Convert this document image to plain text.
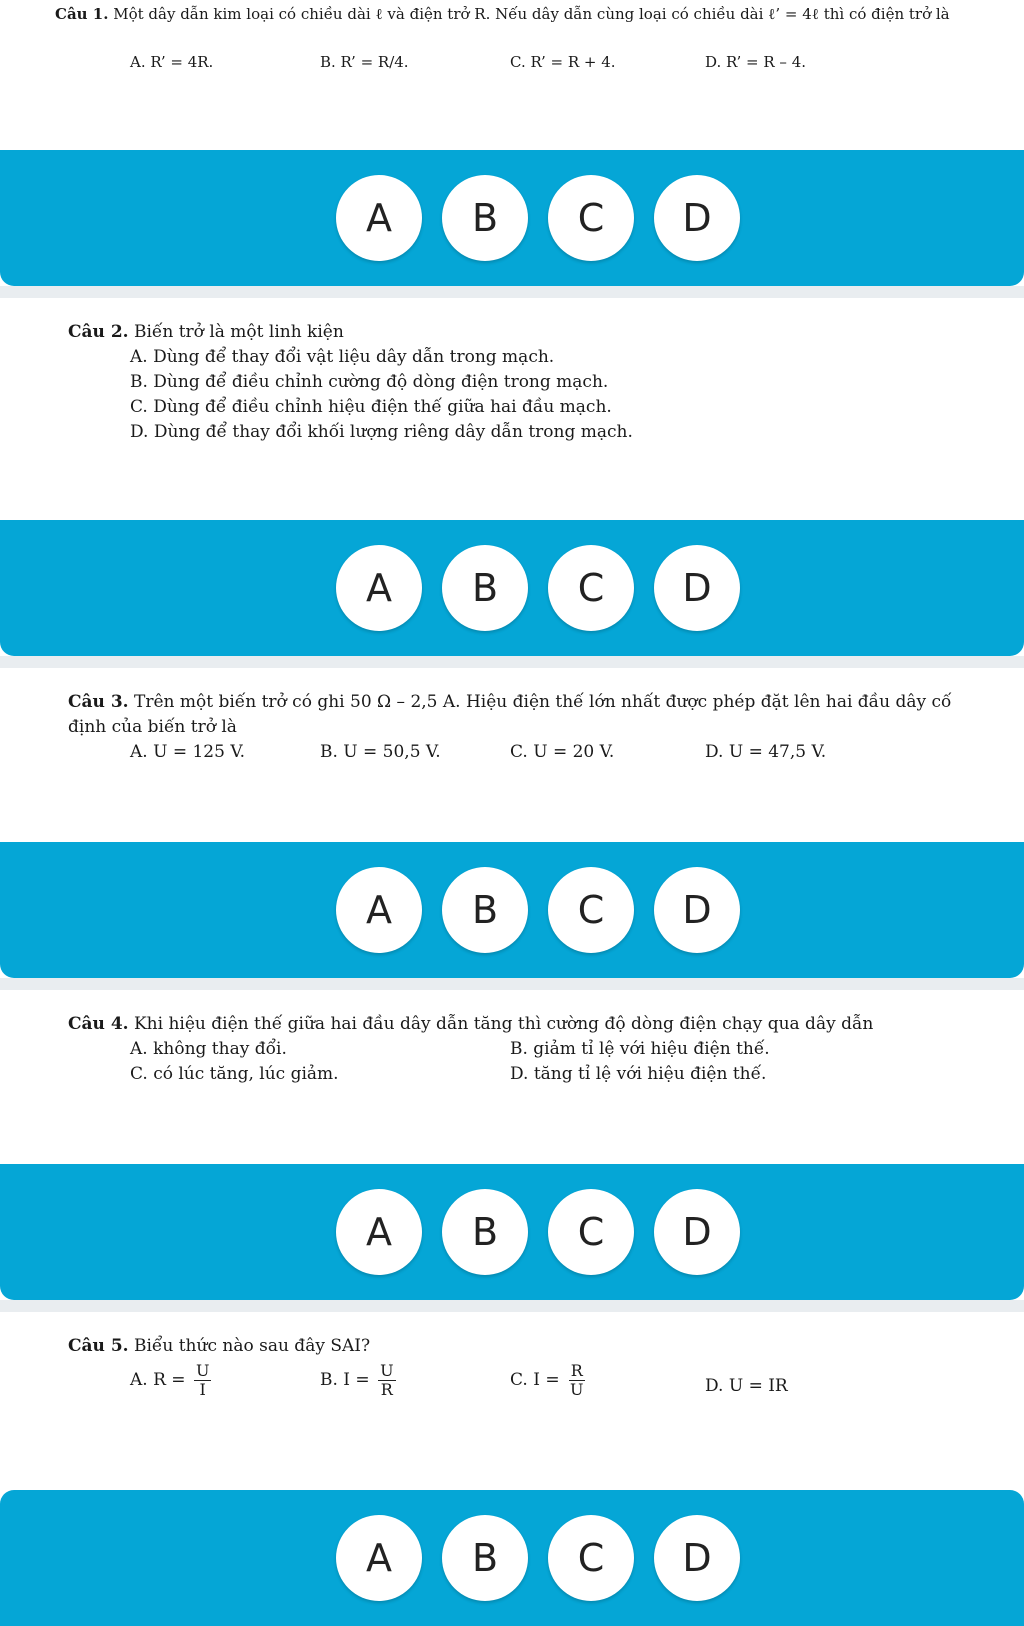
Câu 1. Một dây dẫn kim loại có chiều dài ℓ và điện trở R. Nếu dây dẫn cùng loại có chiều dài ℓ’ = 4ℓ thì có điện trở là
A. R’ = 4R.	B. R’ = R/4.	C. R’ = R + 4.	D. R’ = R – 4.
A	B	C	D
Câu 2. Biến trở là một linh kiện
A. Dùng để thay đổi vật liệu dây dẫn trong mạch.
B. Dùng để điều chỉnh cường độ dòng điện trong mạch.
C. Dùng để điều chỉnh hiệu điện thế giữa hai đầu mạch.
D. Dùng để thay đổi khối lượng riêng dây dẫn trong mạch.
A	B	C	D
Câu 3. Trên một biến trở có ghi 50 Ω – 2,5 A. Hiệu điện thế lớn nhất được phép đặt lên hai đầu dây cố định của biến trở là
A. U = 125 V.	B. U = 50,5 V.	C. U = 20 V.	D. U = 47,5 V.
A	B	C	D
Câu 4. Khi hiệu điện thế giữa hai đầu dây dẫn tăng thì cường độ dòng điện chạy qua dây dẫn
A. không thay đổi.	B. giảm tỉ lệ với hiệu điện thế.
C. có lúc tăng, lúc giảm.	D. tăng tỉ lệ với hiệu điện thế.
A	B	C	D
Câu 5. Biểu thức nào sau đây SAI?
A. $R = \frac{U}{I}$	B. $I = \frac{U}{R}$	C. $I = \frac{R}{U}$	D. U = IR
A	B	C	D
